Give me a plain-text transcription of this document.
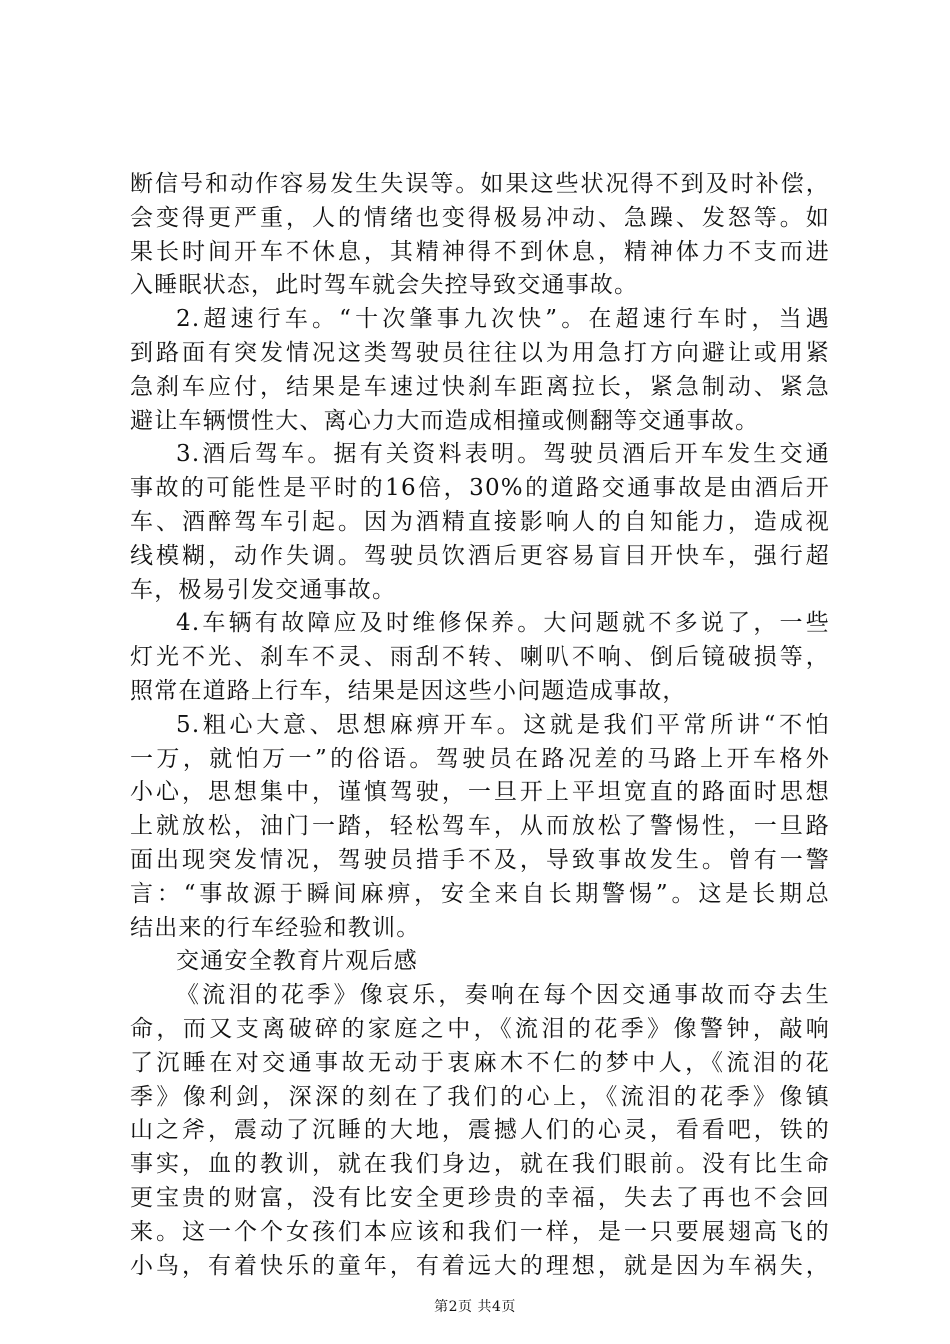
断信号和动作容易发生失误等。如果这些状况得不到及时补偿，
会变得更严重，人的情绪也变得极易冲动、急躁、发怒等。如
果长时间开车不休息，其精神得不到休息，精神体力不支而进
入睡眠状态，此时驾车就会失控导致交通事故。
2.超速行车。“十次肇事九次快”。在超速行车时，当遇
到路面有突发情况这类驾驶员往往以为用急打方向避让或用紧
急刹车应付，结果是车速过快刹车距离拉长，紧急制动、紧急
避让车辆惯性大、离心力大而造成相撞或侧翻等交通事故。
3.酒后驾车。据有关资料表明。驾驶员酒后开车发生交通
事故的可能性是平时的16倍，30%的道路交通事故是由酒后开
车、酒醉驾车引起。因为酒精直接影响人的自知能力，造成视
线模糊，动作失调。驾驶员饮酒后更容易盲目开快车，强行超
车，极易引发交通事故。
4.车辆有故障应及时维修保养。大问题就不多说了，一些
灯光不光、刹车不灵、雨刮不转、喇叭不响、倒后镜破损等，
照常在道路上行车，结果是因这些小问题造成事故，
5.粗心大意、思想麻痹开车。这就是我们平常所讲“不怕
一万，就怕万一”的俗语。驾驶员在路况差的马路上开车格外
小心，思想集中，谨慎驾驶，一旦开上平坦宽直的路面时思想
上就放松，油门一踏，轻松驾车，从而放松了警惕性，一旦路
面出现突发情况，驾驶员措手不及，导致事故发生。曾有一警
言：“事故源于瞬间麻痹，安全来自长期警惕”。这是长期总
结出来的行车经验和教训。
交通安全教育片观后感
《流泪的花季》像哀乐，奏响在每个因交通事故而夺去生
命，而又支离破碎的家庭之中，《流泪的花季》像警钟，敲响
了沉睡在对交通事故无动于衷麻木不仁的梦中人，《流泪的花
季》像利剑，深深的刻在了我们的心上，《流泪的花季》像镇
山之斧，震动了沉睡的大地，震撼人们的心灵，看看吧，铁的
事实，血的教训，就在我们身边，就在我们眼前。没有比生命
更宝贵的财富，没有比安全更珍贵的幸福，失去了再也不会回
来。这一个个女孩们本应该和我们一样，是一只要展翅高飞的
小鸟，有着快乐的童年，有着远大的理想，就是因为车祸失，
第2页 共4页
